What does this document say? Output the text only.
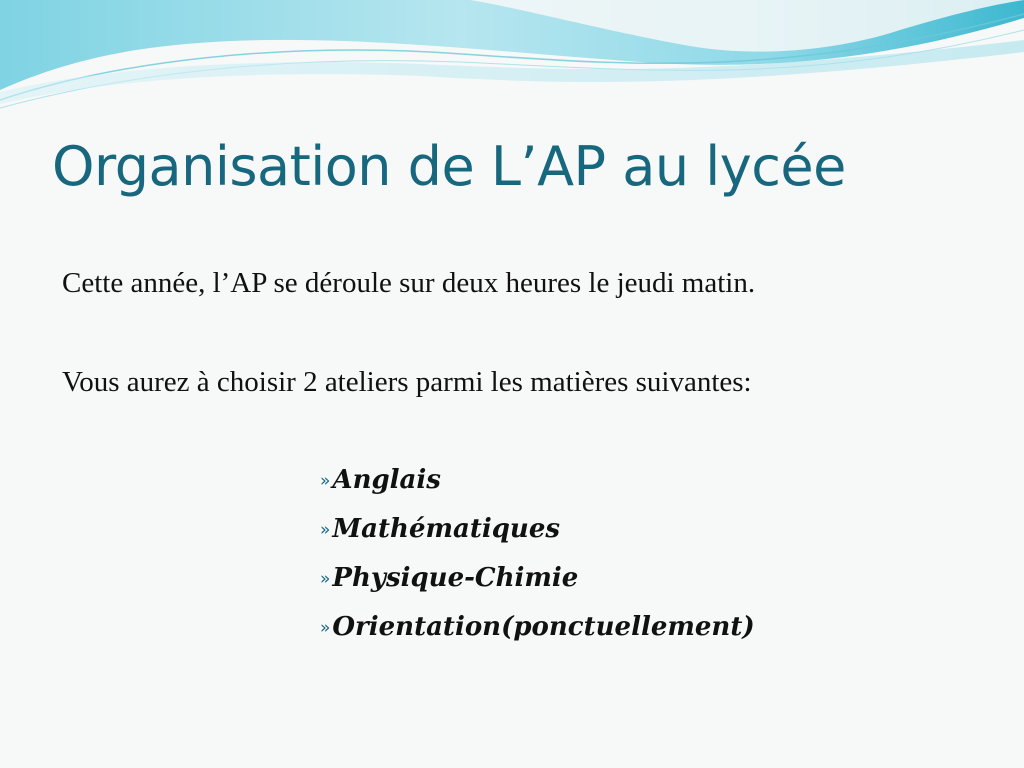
Organisation de L’AP au lycée

Cette année, l’AP se déroule sur deux heures le jeudi matin.

Vous aurez à choisir 2 ateliers parmi les matières suivantes:

»Anglais
»Mathématiques
»Physique-Chimie
»Orientation(ponctuellement)
